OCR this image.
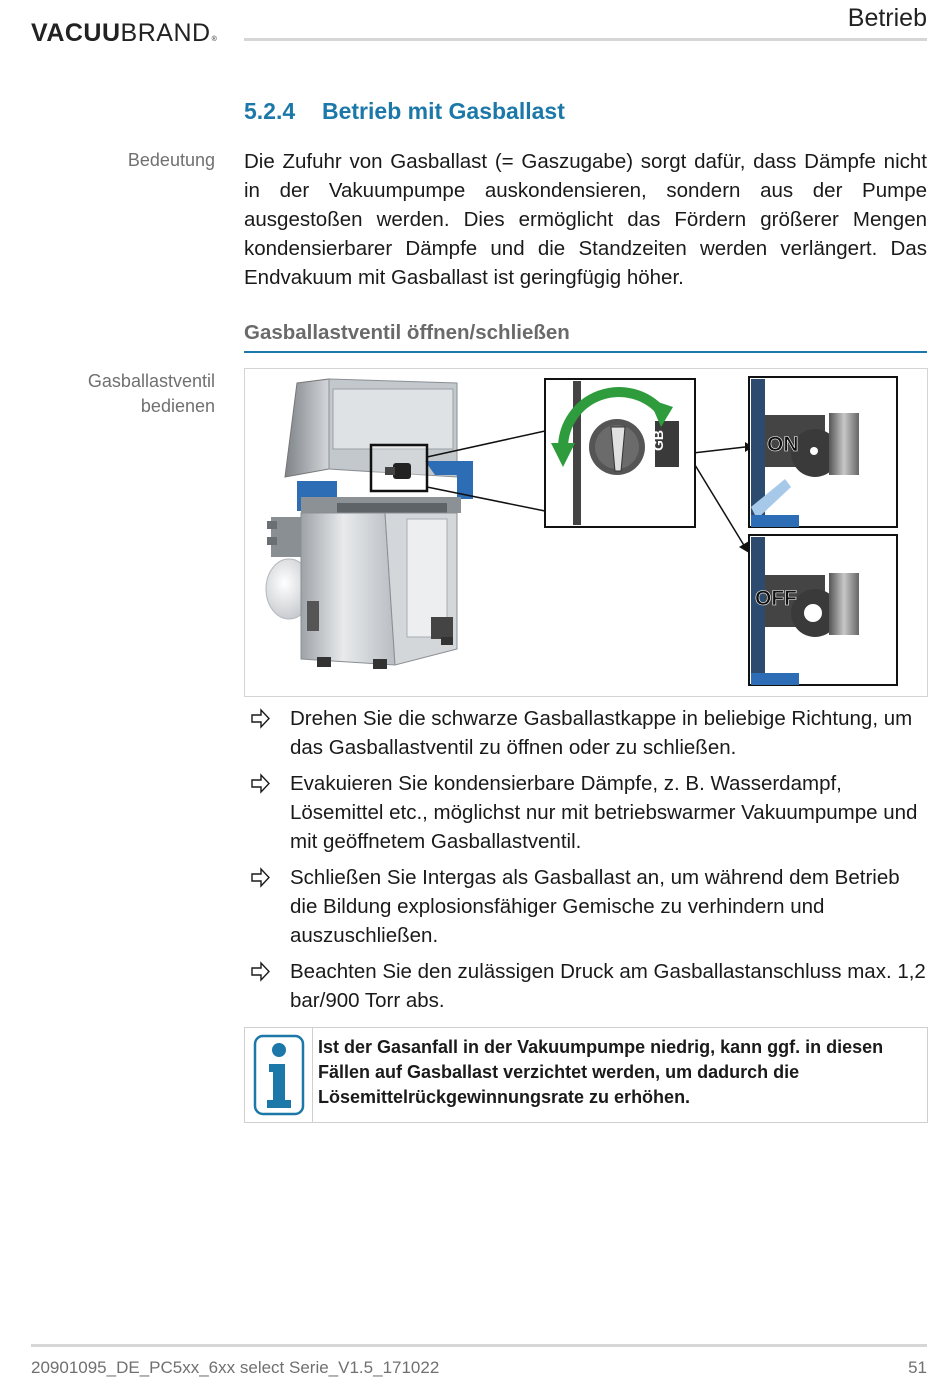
VACUUBRAND®
Betrieb
5.2.4 Betrieb mit Gasballast
Bedeutung Die Zufuhr von Gasballast (= Gaszugabe) sorgt dafür, dass Dämpfe nicht in der Vakuumpumpe auskondensieren, sondern aus der Pumpe ausgestoßen werden. Dies ermöglicht das Fördern größerer Mengen kondensierbarer Dämpfe und die Standzeiten werden verlängert. Das Endvakuum mit Gasballast ist geringfügig höher.
Gasballastventil öffnen/schließen
Gasballastventil
bedienen
GB	ON
OFF
Drehen Sie die schwarze Gasballastkappe in beliebige Richtung, um das Gasballastventil zu öffnen oder zu schließen.
Evakuieren Sie kondensierbare Dämpfe, z. B. Wasserdampf, Lösemittel etc., möglichst nur mit betriebswarmer Vakuumpumpe und mit geöffnetem Gasballastventil.
Schließen Sie Intergas als Gasballast an, um während dem Betrieb die Bildung explosionsfähiger Gemische zu verhindern und auszuschließen.
Beachten Sie den zulässigen Druck am Gasballastanschluss max. 1,2 bar/900 Torr abs.
Ist der Gasanfall in der Vakuumpumpe niedrig, kann ggf. in diesen Fällen auf Gasballast verzichtet werden, um dadurch die Lösemittelrückgewinnungsrate zu erhöhen.
20901095_DE_PC5xx_6xx select Serie_V1.5_171022	51
